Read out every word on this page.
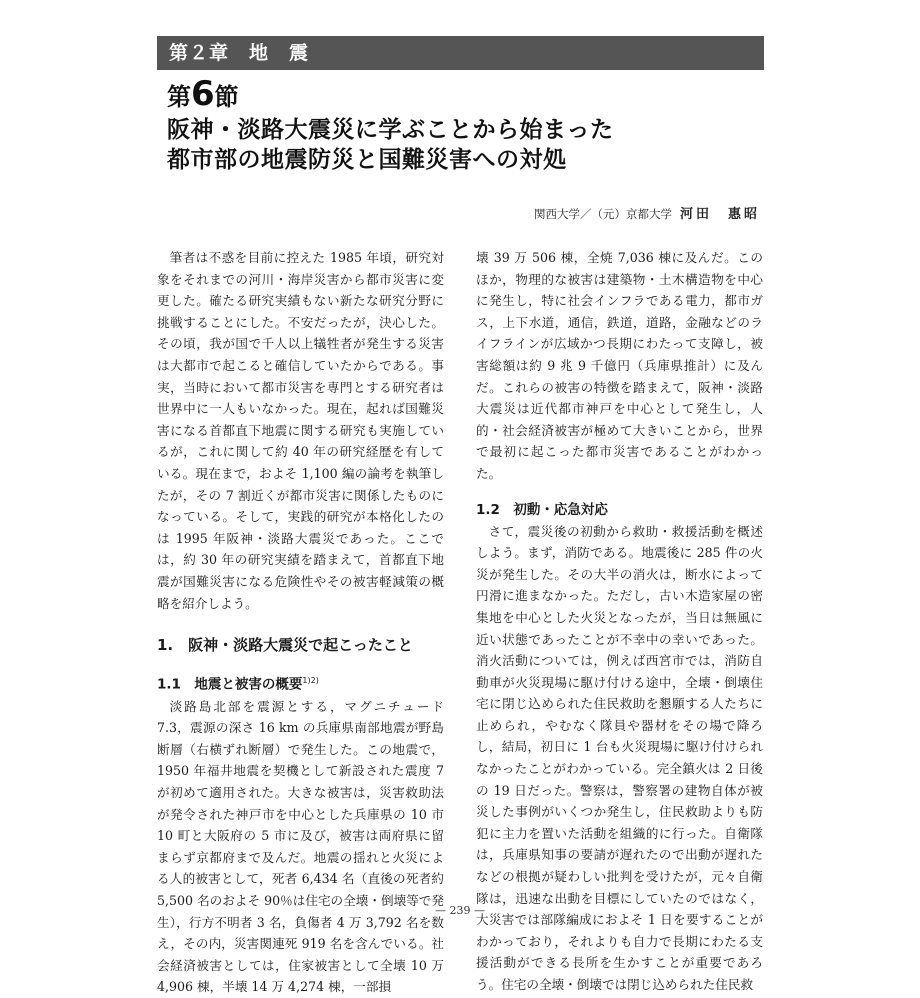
第２章　地　震
第6節
阪神・淡路大震災に学ぶことから始まった
都市部の地震防災と国難災害への対処
関西大学／（元）京都大学 河田　惠昭

筆者は不惑を目前に控えた 1985 年頃，研究対象をそれまでの河川・海岸災害から都市災害に変更した。確たる研究実績もない新たな研究分野に挑戦することにした。不安だったが，決心した。その頃，我が国で千人以上犠牲者が発生する災害は大都市で起こると確信していたからである。事実，当時において都市災害を専門とする研究者は世界中に一人もいなかった。現在，起れば国難災害になる首都直下地震に関する研究も実施しているが，これに関して約 40 年の研究経歴を有している。現在まで，およそ 1,100 編の論考を執筆したが，その 7 割近くが都市災害に関係したものになっている。そして，実践的研究が本格化したのは 1995 年阪神・淡路大震災であった。ここでは，約 30 年の研究実績を踏まえて，首都直下地震が国難災害になる危険性やその被害軽減策の概略を紹介しよう。

1.　阪神・淡路大震災で起こったこと
1.1　地震と被害の概要$^{1)2)}$

淡路島北部を震源とする，マグニチュード 7.3，震源の深さ 16 km の兵庫県南部地震が野島断層（右横ずれ断層）で発生した。この地震で，1950 年福井地震を契機として新設された震度 7 が初めて適用された。大きな被害は，災害救助法が発令された神戸市を中心とした兵庫県の 10 市 10 町と大阪府の 5 市に及び，被害は両府県に留まらず京都府まで及んだ。地震の揺れと火災による人的被害として，死者 6,434 名（直後の死者約 5,500 名のおよそ 90％は住宅の全壊・倒壊等で発生），行方不明者 3 名，負傷者 4 万 3,792 名を数え，その内，災害関連死 919 名を含んでいる。社会経済被害としては，住家被害として全壊 10 万 4,906 棟，半壊 14 万 4,274 棟，一部損

壊 39 万 506 棟，全焼 7,036 棟に及んだ。このほか，物理的な被害は建築物・土木構造物を中心に発生し，特に社会インフラである電力，都市ガス，上下水道，通信，鉄道，道路，金融などのライフラインが広域かつ長期にわたって支障し，被害総額は約 9 兆 9 千億円（兵庫県推計）に及んだ。これらの被害の特徴を踏まえて，阪神・淡路大震災は近代都市神戸を中心として発生し，人的・社会経済被害が極めて大きいことから，世界で最初に起こった都市災害であることがわかった。

1.2　初動・応急対応

さて，震災後の初動から救助・救援活動を概述しよう。まず，消防である。地震後に 285 件の火災が発生した。その大半の消火は，断水によって円滑に進まなかった。ただし，古い木造家屋の密集地を中心とした火災となったが，当日は無風に近い状態であったことが不幸中の幸いであった。消火活動については，例えば西宮市では，消防自動車が火災現場に駆け付ける途中，全壊・倒壊住宅に閉じ込められた住民救助を懇願する人たちに止められ，やむなく隊員や器材をその場で降ろし，結局，初日に 1 台も火災現場に駆け付けられなかったことがわかっている。完全鎮火は 2 日後の 19 日だった。警察は，警察署の建物自体が被災した事例がいくつか発生し，住民救助よりも防犯に主力を置いた活動を組織的に行った。自衛隊は，兵庫県知事の要請が遅れたので出動が遅れたなどの根拠が疑わしい批判を受けたが，元々自衛隊は，迅速な出動を目標にしていたのではなく，大災害では部隊編成におよそ 1 日を要することがわかっており，それよりも自力で長期にわたる支援活動ができる長所を生かすことが重要であろう。住宅の全壊・倒壊では閉じ込められた住民救

— 239 —
